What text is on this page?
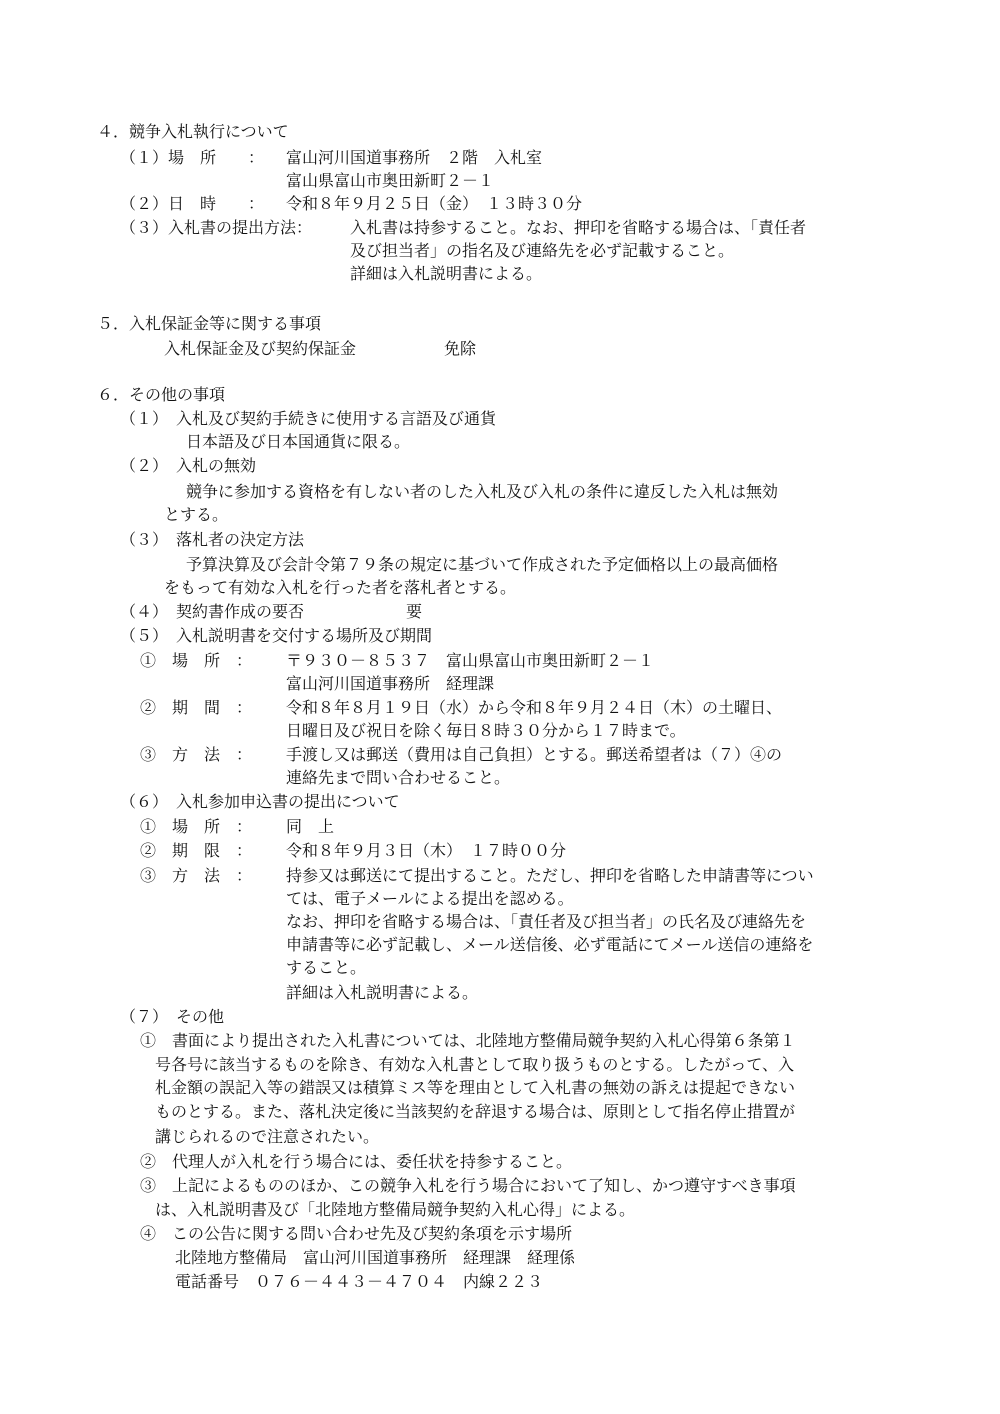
４．競争入札執行について
（１）場　所　　： 富山河川国道事務所　２階　入札室
富山県富山市奥田新町２－１
（２）日　時　　： 令和８年９月２５日（金）　１３時３０分
（３）入札書の提出方法： 入札書は持参すること。なお、押印を省略する場合は、「責任者
及び担当者」の指名及び連絡先を必ず記載すること。
詳細は入札説明書による。
５．入札保証金等に関する事項
入札保証金及び契約保証金	免除
６．その他の事項
（１）　入札及び契約手続きに使用する言語及び通貨
日本語及び日本国通貨に限る。
（２）　入札の無効
競争に参加する資格を有しない者のした入札及び入札の条件に違反した入札は無効
とする。
（３）　落札者の決定方法
予算決算及び会計令第７９条の規定に基づいて作成された予定価格以上の最高価格
をもって有効な入札を行った者を落札者とする。
（４）　契約書作成の要否	要
（５）　入札説明書を交付する場所及び期間
①　場　所　： 〒９３０－８５３７　富山県富山市奥田新町２－１
富山河川国道事務所　経理課
②　期　間　： 令和８年８月１９日（水）から令和８年９月２４日（木）の土曜日、
日曜日及び祝日を除く毎日８時３０分から１７時まで。
③　方　法　： 手渡し又は郵送（費用は自己負担）とする。郵送希望者は（７）④の
連絡先まで問い合わせること。
（６）　入札参加申込書の提出について
①　場　所　： 同　上
②　期　限　： 令和８年９月３日（木）　１７時００分
③　方　法　： 持参又は郵送にて提出すること。ただし、押印を省略した申請書等につい
ては、電子メールによる提出を認める。
なお、押印を省略する場合は、「責任者及び担当者」の氏名及び連絡先を
申請書等に必ず記載し、メール送信後、必ず電話にてメール送信の連絡を
すること。
詳細は入札説明書による。
（７）　その他
①　書面により提出された入札書については、北陸地方整備局競争契約入札心得第６条第１
号各号に該当するものを除き、有効な入札書として取り扱うものとする。したがって、入
札金額の誤記入等の錯誤又は積算ミス等を理由として入札書の無効の訴えは提起できない
ものとする。また、落札決定後に当該契約を辞退する場合は、原則として指名停止措置が
講じられるので注意されたい。
②　代理人が入札を行う場合には、委任状を持参すること。
③　上記によるもののほか、この競争入札を行う場合において了知し、かつ遵守すべき事項
は、入札説明書及び「北陸地方整備局競争契約入札心得」による。
④　この公告に関する問い合わせ先及び契約条項を示す場所
北陸地方整備局　富山河川国道事務所　経理課　経理係
電話番号　０７６－４４３－４７０４　内線２２３
